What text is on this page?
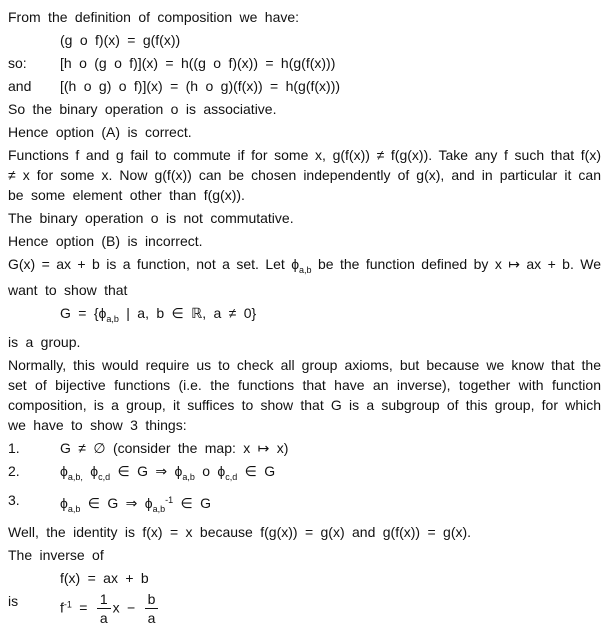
From the definition of composition we have:
(g o f)(x) = g(f(x))
so:	[h o (g o f)](x) = h((g o f)(x)) = h(g(f(x)))
and	[(h o g) o f)](x) = (h o g)(f(x)) = h(g(f(x)))
So the binary operation o is associative.
Hence option (A) is correct.
Functions f and g fail to commute if for some x, g(f(x)) ≠ f(g(x)). Take any f such that f(x)
≠ x for some x. Now g(f(x)) can be chosen independently of g(x), and in particular it can
be some element other than f(g(x)).
The binary operation o is not commutative.
Hence option (B) is incorrect.
G(x) = ax + b is a function, not a set. Let $\phi_{a,b}$ be the function defined by x ↦ ax + b. We
want to show that
$G = \{\phi_{a,b}$ | a, b ∈ ℝ, a ≠ 0}
is a group.
Normally, this would require us to check all group axioms, but because we know that the
set of bijective functions (i.e. the functions that have an inverse), together with function
composition, is a group, it suffices to show that G is a subgroup of this group, for which
we have to show 3 things:
1.	G ≠ ∅ (consider the map: x ↦ x)
2.	$\phi_{a,b,}$ $\phi_{c,d}$ ∈ G ⇒ $\phi_{a,b}$ o $\phi_{c,d}$ ∈ G
3.	$\phi_{a,b}$ ∈ G ⇒ $\phi_{a,b}^{-1}$ ∈ G
Well, the identity is f(x) = x because f(g(x)) = g(x) and g(f(x)) = g(x).
The inverse of
f(x) = ax + b
is	$f^{-1} = \frac{1}{a}$ $x - \frac{b}{a}$
